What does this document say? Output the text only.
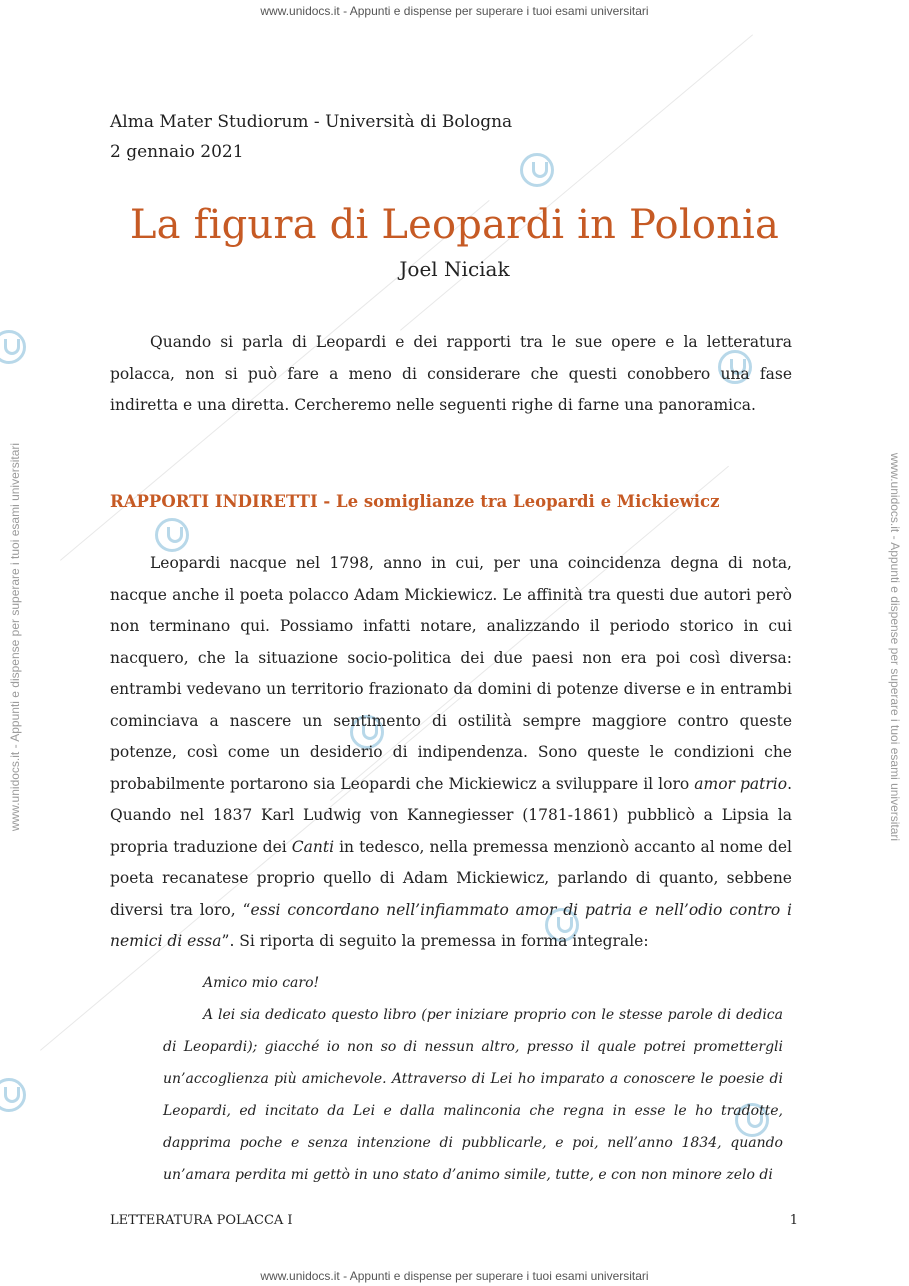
www.unidocs.it - Appunti e dispense per superare i tuoi esami universitari
www.unidocs.it - Appunti e dispense per superare i tuoi esami universitari
www.unidocs.it - Appunti e dispense per superare i tuoi esami universitari	www.unidocs.it - Appunti e dispense per superare i tuoi esami universitari
Alma Mater Studiorum - Università di Bologna
2 gennaio 2021
La figura di Leopardi in Polonia
Joel Niciak
Quando si parla di Leopardi e dei rapporti tra le sue opere e la letteratura polacca, non si può fare a meno di considerare che questi conobbero una fase indiretta e una diretta. Cercheremo nelle seguenti righe di farne una panoramica.
RAPPORTI INDIRETTI - Le somiglianze tra Leopardi e Mickiewicz
Leopardi nacque nel 1798, anno in cui, per una coincidenza degna di nota, nacque anche il poeta polacco Adam Mickiewicz. Le affinità tra questi due autori però non terminano qui. Possiamo infatti notare, analizzando il periodo storico in cui nacquero, che la situazione socio-politica dei due paesi non era poi così diversa: entrambi vedevano un territorio frazionato da domini di potenze diverse e in entrambi cominciava a nascere un sentimento di ostilità sempre maggiore contro queste potenze, così come un desiderio di indipendenza. Sono queste le condizioni che probabilmente portarono sia Leopardi che Mickiewicz a sviluppare il loro amor patrio. Quando nel 1837 Karl Ludwig von Kannegiesser (1781-1861) pubblicò a Lipsia la propria traduzione dei Canti in tedesco, nella premessa menzionò accanto al nome del poeta recanatese proprio quello di Adam Mickiewicz, parlando di quanto, sebbene diversi tra loro, “essi concordano nell’infiammato amor di patria e nell’odio contro i nemici di essa”. Si riporta di seguito la premessa in forma integrale:
Amico mio caro!
A lei sia dedicato questo libro (per iniziare proprio con le stesse parole di dedica di Leopardi); giacché io non so di nessun altro, presso il quale potrei promettergli un’accoglienza più amichevole. Attraverso di Lei ho imparato a conoscere le poesie di Leopardi, ed incitato da Lei e dalla malinconia che regna in esse le ho tradotte, dapprima poche e senza intenzione di pubblicarle, e poi, nell’anno 1834, quando un’amara perdita mi gettò in uno stato d’animo simile, tutte, e con non minore zelo di
LETTERATURA POLACCA I	1
